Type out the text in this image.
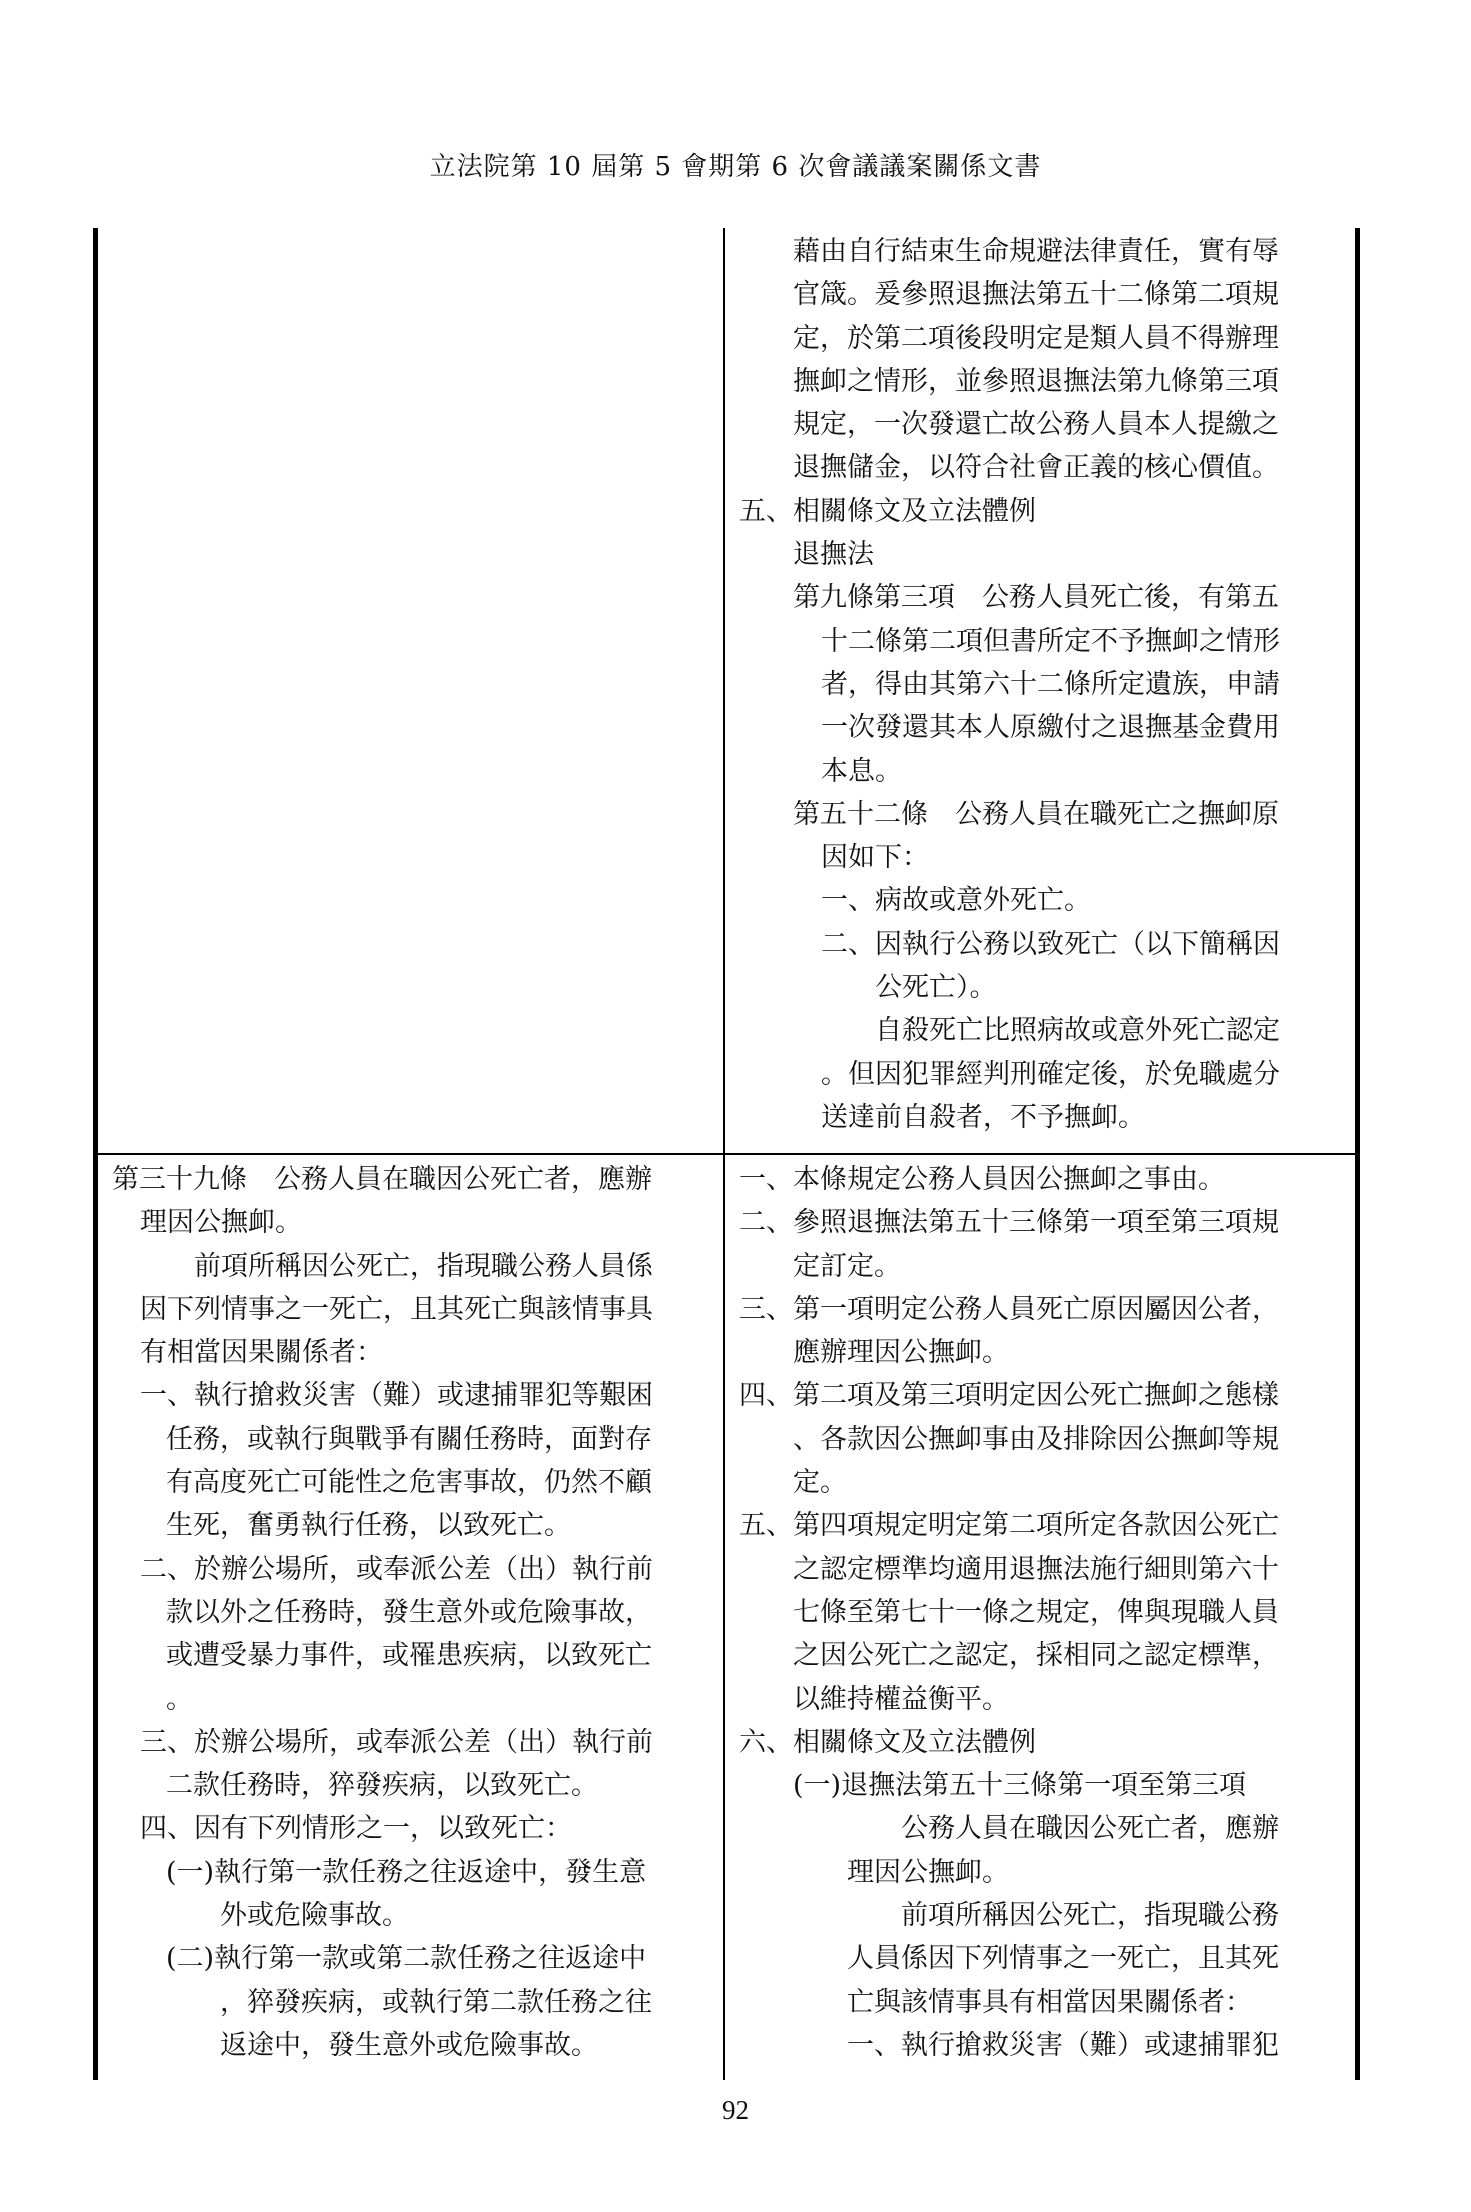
立法院第 10 屆第 5 會期第 6 次會議議案關係文書

藉由自行結束生命規避法律責任，實有辱

官箴。爰參照退撫法第五十二條第二項規

定，於第二項後段明定是類人員不得辦理

撫卹之情形，並參照退撫法第九條第三項

規定，一次發還亡故公務人員本人提繳之

退撫儲金，以符合社會正義的核心價值。

五、相關條文及立法體例

退撫法

第九條第三項　公務人員死亡後，有第五

十二條第二項但書所定不予撫卹之情形

者，得由其第六十二條所定遺族，申請

一次發還其本人原繳付之退撫基金費用

本息。

第五十二條　公務人員在職死亡之撫卹原

因如下：

一、病故或意外死亡。

二、因執行公務以致死亡（以下簡稱因

公死亡）。

自殺死亡比照病故或意外死亡認定

。但因犯罪經判刑確定後，於免職處分

送達前自殺者，不予撫卹。

第三十九條　公務人員在職因公死亡者，應辦

理因公撫卹。

前項所稱因公死亡，指現職公務人員係

因下列情事之一死亡，且其死亡與該情事具

有相當因果關係者：

一、執行搶救災害（難）或逮捕罪犯等艱困

任務，或執行與戰爭有關任務時，面對存

有高度死亡可能性之危害事故，仍然不顧

生死，奮勇執行任務，以致死亡。

二、於辦公場所，或奉派公差（出）執行前

款以外之任務時，發生意外或危險事故，

或遭受暴力事件，或罹患疾病，以致死亡

。

三、於辦公場所，或奉派公差（出）執行前

二款任務時，猝發疾病，以致死亡。

四、因有下列情形之一，以致死亡：

(一)執行第一款任務之往返途中，發生意

外或危險事故。

(二)執行第一款或第二款任務之往返途中

，猝發疾病，或執行第二款任務之往

返途中，發生意外或危險事故。

一、本條規定公務人員因公撫卹之事由。

二、參照退撫法第五十三條第一項至第三項規

定訂定。

三、第一項明定公務人員死亡原因屬因公者，

應辦理因公撫卹。

四、第二項及第三項明定因公死亡撫卹之態樣

、各款因公撫卹事由及排除因公撫卹等規

定。

五、第四項規定明定第二項所定各款因公死亡

之認定標準均適用退撫法施行細則第六十

七條至第七十一條之規定，俾與現職人員

之因公死亡之認定，採相同之認定標準，

以維持權益衡平。

六、相關條文及立法體例

(一)退撫法第五十三條第一項至第三項

公務人員在職因公死亡者，應辦

理因公撫卹。

前項所稱因公死亡，指現職公務

人員係因下列情事之一死亡，且其死

亡與該情事具有相當因果關係者：

一、執行搶救災害（難）或逮捕罪犯

92
